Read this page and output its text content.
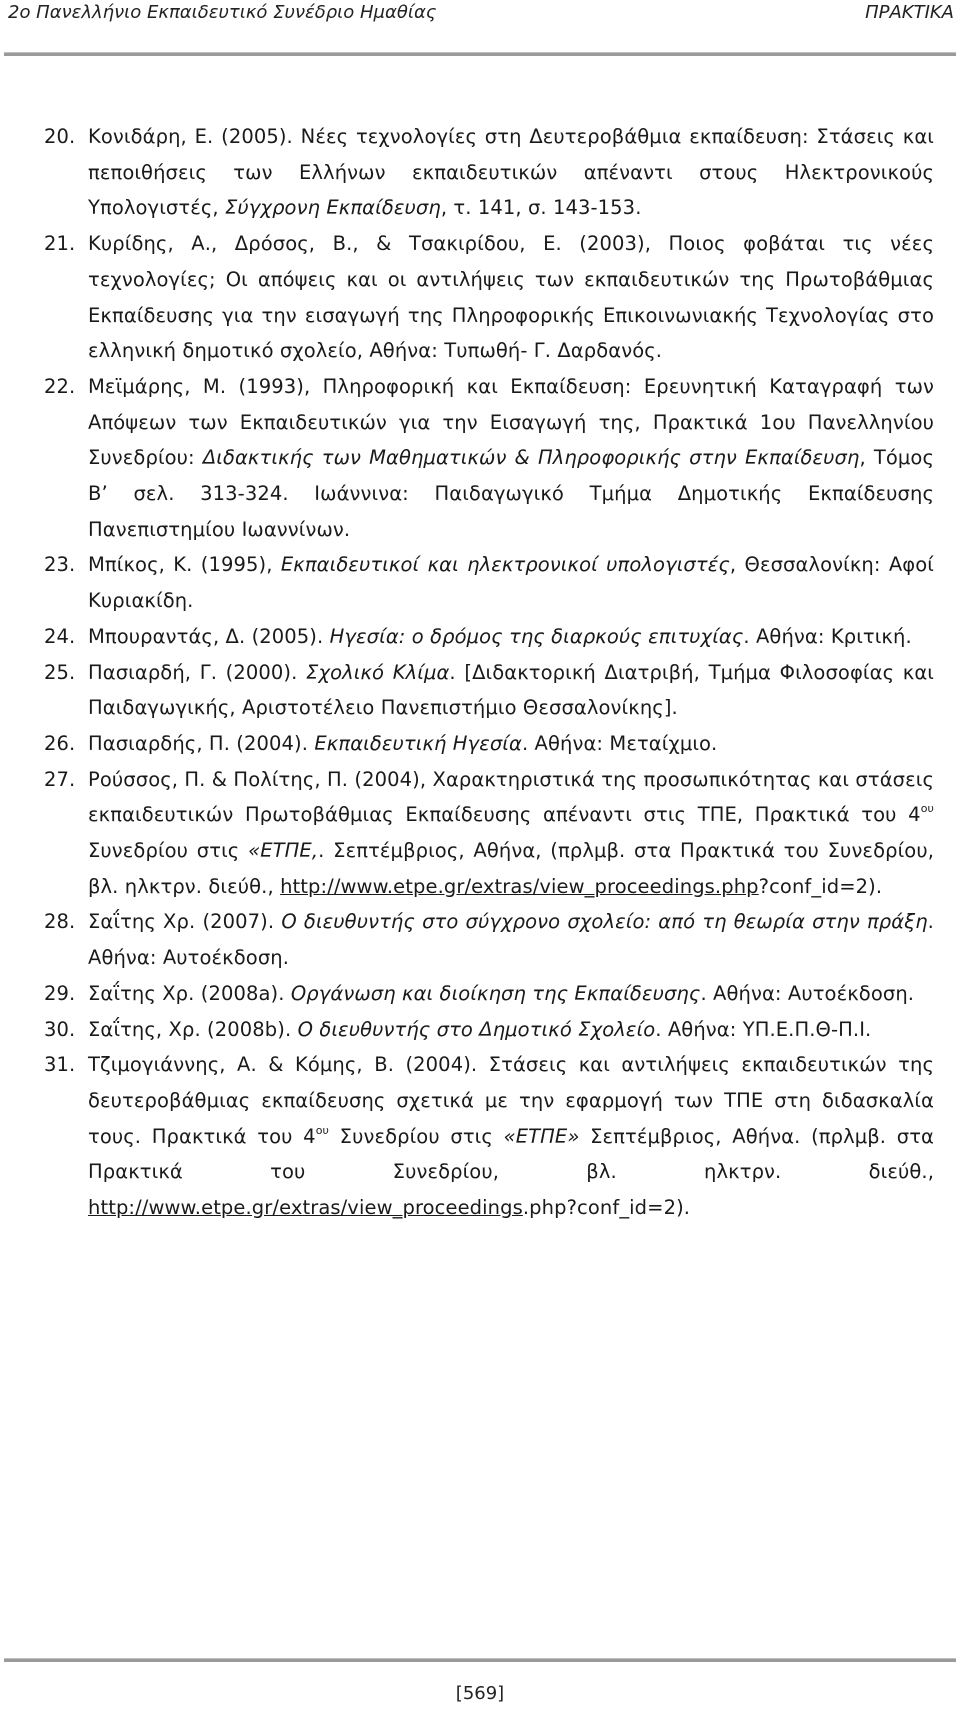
2ο Πανελλήνιο Εκπαιδευτικό Συνέδριο Ημαθίας	ΠΡΑΚΤΙΚΑ
20. Κονιδάρη, Ε. (2005). Νέες τεχνολογίες στη Δευτεροβάθμια εκπαίδευση: Στάσεις και πεποιθήσεις των Ελλήνων εκπαιδευτικών απέναντι στους Ηλεκτρονικούς Υπολογιστές, Σύγχρονη Εκπαίδευση, τ. 141, σ. 143-153.
21. Κυρίδης, Α., Δρόσος, Β., & Τσακιρίδου, Ε. (2003), Ποιος φοβάται τις νέες τεχνολογίες; Οι απόψεις και οι αντιλήψεις των εκπαιδευτικών της Πρωτοβάθμιας Εκπαίδευσης για την εισαγωγή της Πληροφορικής Επικοινωνιακής Τεχνολογίας στο ελληνική δημοτικό σχολείο, Αθήνα: Τυπωθή- Γ. Δαρδανός.
22. Μεϊμάρης, Μ. (1993), Πληροφορική και Εκπαίδευση: Ερευνητική Καταγραφή των Απόψεων των Εκπαιδευτικών για την Εισαγωγή της, Πρακτικά 1ου Πανελληνίου Συνεδρίου: Διδακτικής των Μαθηματικών & Πληροφορικής στην Εκπαίδευση, Τόμος Β’ σελ. 313-324. Ιωάννινα: Παιδαγωγικό Τμήμα Δημοτικής Εκπαίδευσης Πανεπιστημίου Ιωαννίνων.
23. Μπίκος, Κ. (1995), Εκπαιδευτικοί και ηλεκτρονικοί υπολογιστές, Θεσσαλονίκη: Αφοί Κυριακίδη.
24. Μπουραντάς, Δ. (2005). Ηγεσία: ο δρόμος της διαρκούς επιτυχίας. Αθήνα: Κριτική.
25. Πασιαρδή, Γ. (2000). Σχολικό Κλίμα. [Διδακτορική Διατριβή, Τμήμα Φιλοσοφίας και Παιδαγωγικής, Αριστοτέλειο Πανεπιστήμιο Θεσσαλονίκης].
26. Πασιαρδής, Π. (2004). Εκπαιδευτική Ηγεσία. Αθήνα: Μεταίχμιο.
27. Ρούσσος, Π. & Πολίτης, Π. (2004), Χαρακτηριστικά της προσωπικότητας και στάσεις εκπαιδευτικών Πρωτοβάθμιας Εκπαίδευσης απέναντι στις ΤΠΕ, Πρακτικά του $4^{o\upsilon}$ Συνεδρίου στις «ΕΤΠΕ,. Σεπτέμβριος, Αθήνα, (πρλμβ. στα Πρακτικά του Συνεδρίου, βλ. ηλκτρν. διεύθ., http://www.etpe.gr/extras/view_proceedings.php?conf_id=2).
28. Σαΐτης Χρ. (2007). Ο διευθυντής στο σύγχρονο σχολείο: από τη θεωρία στην πράξη. Αθήνα: Αυτοέκδοση.
29. Σαΐτης Χρ. (2008a). Οργάνωση και διοίκηση της Εκπαίδευσης. Αθήνα: Αυτοέκδοση.
30. Σαΐτης, Χρ. (2008b). Ο διευθυντής στο Δημοτικό Σχολείο. Αθήνα: ΥΠ.Ε.Π.Θ-Π.Ι.
31. Τζιμογιάννης, Α. & Κόμης, Β. (2004). Στάσεις και αντιλήψεις εκπαιδευτικών της δευτεροβάθμιας εκπαίδευσης σχετικά με την εφαρμογή των ΤΠΕ στη διδασκαλία τους. Πρακτικά του $4^{o\upsilon}$ Συνεδρίου στις «ΕΤΠΕ» Σεπτέμβριος, Αθήνα. (πρλμβ. στα Πρακτικά του Συνεδρίου, βλ. ηλκτρν. διεύθ., http://www.etpe.gr/extras/view_proceedings.php?conf_id=2).
[569]
